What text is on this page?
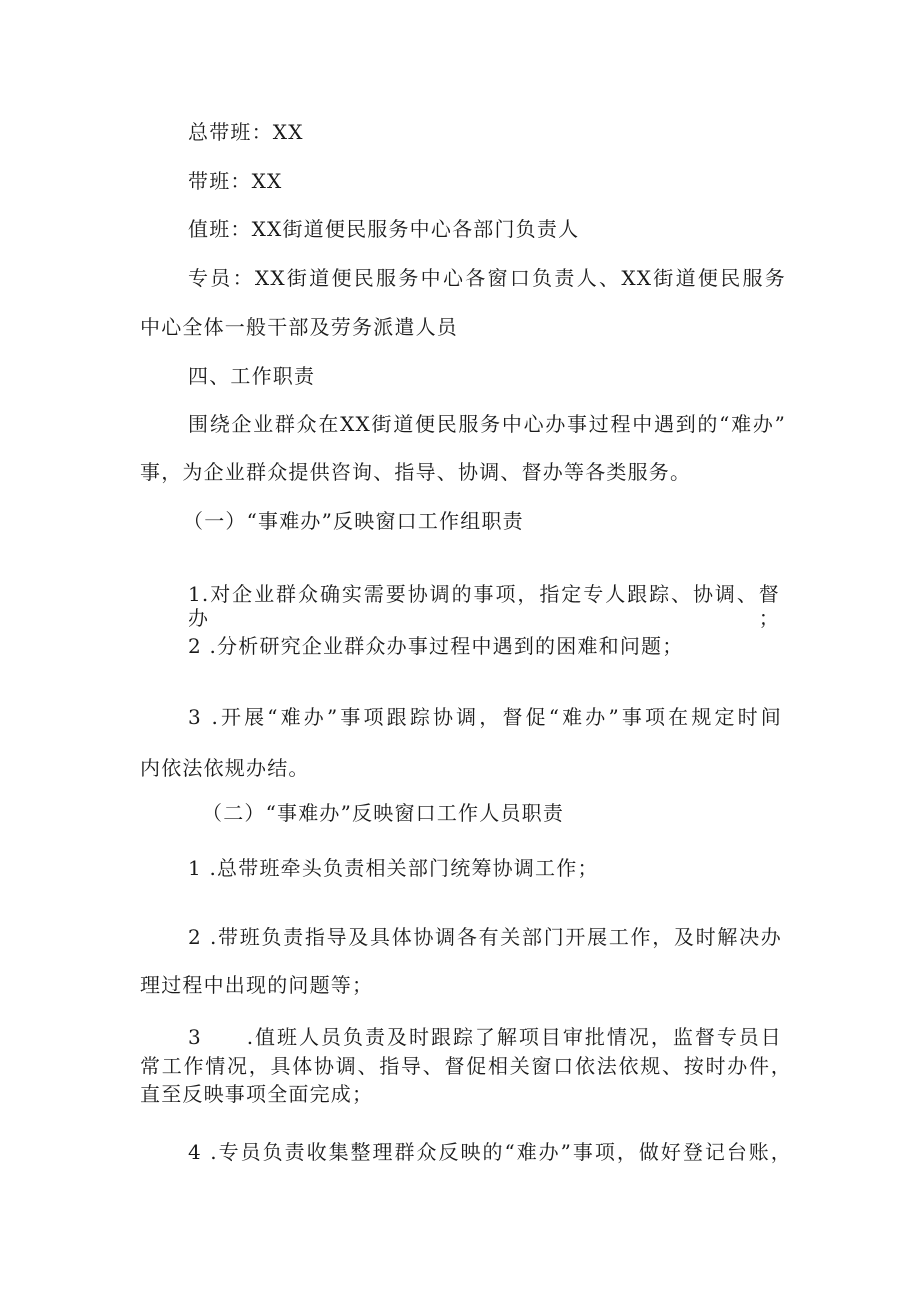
总带班：XX
带班：XX
值班：XX街道便民服务中心各部门负责人
专员：XX街道便民服务中心各窗口负责人、XX街道便民服务
中心全体一般干部及劳务派遣人员
四、工作职责
围绕企业群众在XX街道便民服务中心办事过程中遇到的“难办”
事，为企业群众提供咨询、指导、协调、督办等各类服务。
（一）“事难办”反映窗口工作组职责
1.对企业群众确实需要协调的事项，指定专人跟踪、协调、督办；
2 .分析研究企业群众办事过程中遇到的困难和问题；
3 .开展“难办”事项跟踪协调，督促“难办”事项在规定时间
内依法依规办结。
（二）“事难办”反映窗口工作人员职责
1 .总带班牵头负责相关部门统筹协调工作；
2 .带班负责指导及具体协调各有关部门开展工作，及时解决办
理过程中出现的问题等；
3　　.值班人员负责及时跟踪了解项目审批情况，监督专员日
常工作情况，具体协调、指导、督促相关窗口依法依规、按时办件，
直至反映事项全面完成；
4 .专员负责收集整理群众反映的“难办”事项，做好登记台账，
